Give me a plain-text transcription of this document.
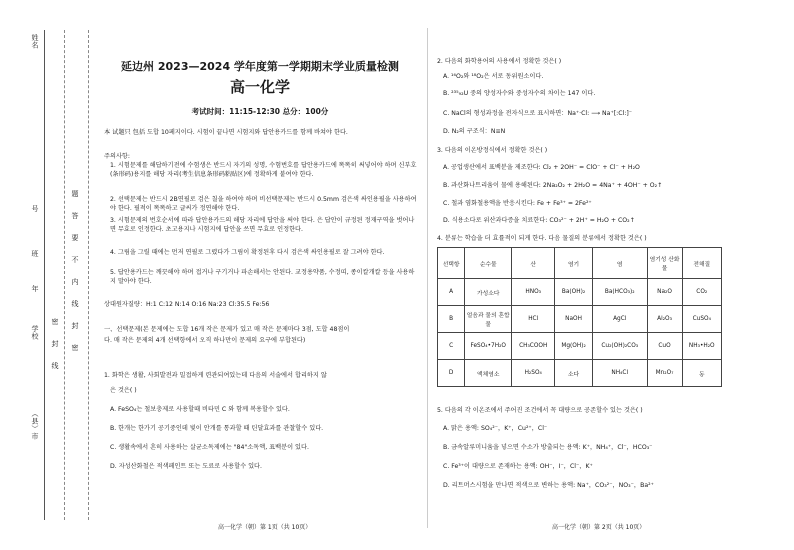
姓名
号
班
年
学校
（县）市
密
封
线
题
答
要
不
内
线
封
密
延边州 2023—2024 学年度第一学期期末学业质量检测
高一化学
考试时间：11:15-12:30 总分：100分
本 试题只 包括 도합 10페지이다. 시험이 끝나면 시험지와 답안용카드를 함께 바쳐야 한다.
주의사항:
1. 시험문제를 해답하기전에 수험생은 반드시 자기의 성명, 수험번호를 답안용카드에 똑똑히 써넣어야 하며 신부호(条形码)용지를 해당 자리(考生信息条形码粘贴区)에 정확하게 붙여야 한다.
2. 선택문제는 반드시 2B연필로 검은 칠을 하여야 하며 비선택문제는 반드시 0.5mm 검은색 싸인용필을 사용하여야 한다. 필적이 똑똑하고 글씨가 정연해야 한다.
3. 시험문제의 번호순서에 따라 답안용카드의 해당 자리에 답안을 써야 한다. 은 답안이 규정된 정재구역을 벗어나면 무효로 인정한다. 초고용지나 시험지에 답안을 쓰면 무효로 인정한다.
4. 그림을 그릴 때에는 먼저 연필로 그렸다가 그림이 확정된후 다시 검은색 싸인용필로 잘 그려야 한다.
5. 답안용카드는 깨끗해야 하며 접거나 구기거나 파손해서는 안된다. 교정용약품, 수정띠, 종이칼개칼 등을 사용하지 말아야 한다.
상대원자질량：H:1 C:12 N:14 O:16 Na:23 Cl:35.5 Fe:56
一、선택문제(본 문제에는 도합 16개 작은 문제가 있고 매 작은 문제마다 3점, 도합 48점이
다. 매 작은 문제의 4개 선택항에서 오직 하나만이 문제의 요구에 부합된다)
1. 화학은 생활, 사회발전과 밀접하게 련관되여있는데 다음의 서술에서 합리하지 않
은 것은( )
A. FeSO₄는 철보충제로 사용할때 비타민 C 와 함께 복용할수 있다.
B. 한개는 한가기 공기중인데 빛이 안개를 통과할 때 틴달효과를 관찰할수 있다.
C. 생활속에서 흔히 사용하는 살균소독제에는 "84"소독액, 표백분이 있다.
D. 자성산화철은 적색페인트 또는 도료로 사용할수 있다.
高一化学（朝）第 1页（共 10页）
2. 다음의 화학용어의 사용에서 정확한 것은( )
A. ¹⁶O₂와 ¹⁸O₂은 서로 동위원소이다.
B. ²³⁵₉₂U 중의 양성자수와 중성자수의 차이는 147 이다.
C. NaCl의 형성과정을 전자식으로 표시하면：Na⁺·Cl: ⟶ Na⁺[:Cl:]⁻
D. N₂의 구조식：N≡N
3. 다음의 이온방정식에서 정확한 것은( )
A. 공업생산에서 표백분을 제조한다: Cl₂ + 2OH⁻ = ClO⁻ + Cl⁻ + H₂O
B. 과산화나트리움이 물에 용해된다: 2Na₂O₂ + 2H₂O = 4Na⁺ + 4OH⁻ + O₂↑
C. 철과 염화철용액을 반응시킨다: Fe + Fe³⁺ = 2Fe²⁺
D. 식용소다로 위산과다증을 치료한다: CO₃²⁻ + 2H⁺ = H₂O + CO₂↑
4. 분류는 학습을 더 효률적이 되게 한다. 다음 물질의 분류에서 정확한 것은( )
선택항	순수물	산	염기	염	염기성 산화물	전해질
A	가성소다	HNO₃	Ba(OH)₂	Ba(HCO₃)₂	Na₂O	CO₂
B	얼음과 물의 혼합물	HCl	NaOH	AgCl	Al₂O₃	CuSO₄
C	FeSO₄•7H₂O	CH₃COOH	Mg(OH)₂	Cu₂(OH)₂CO₃	CuO	NH₃•H₂O
D	액체염소	H₂SO₄	소다	NH₄Cl	Mn₂O₇	동
5. 다음의 각 이온조에서 주어진 조건에서 꼭 대량으로 공존할수 있는 것은( )
A. 맑은 용액: SO₄²⁻，K⁺，Cu²⁺，Cl⁻
B. 금속알루미니움을 넣으면 수소가 방출되는 용액: K⁺，NH₄⁺，Cl⁻，HCO₃⁻
C. Fe³⁺이 대량으로 존재하는 용액: OH⁻，I⁻，Cl⁻，K⁺
D. 리트머스시험을 만나면 적색으로 변하는 용액: Na⁺，CO₃²⁻，NO₃⁻，Ba²⁺
高一化学（朝）第 2页（共 10页）
